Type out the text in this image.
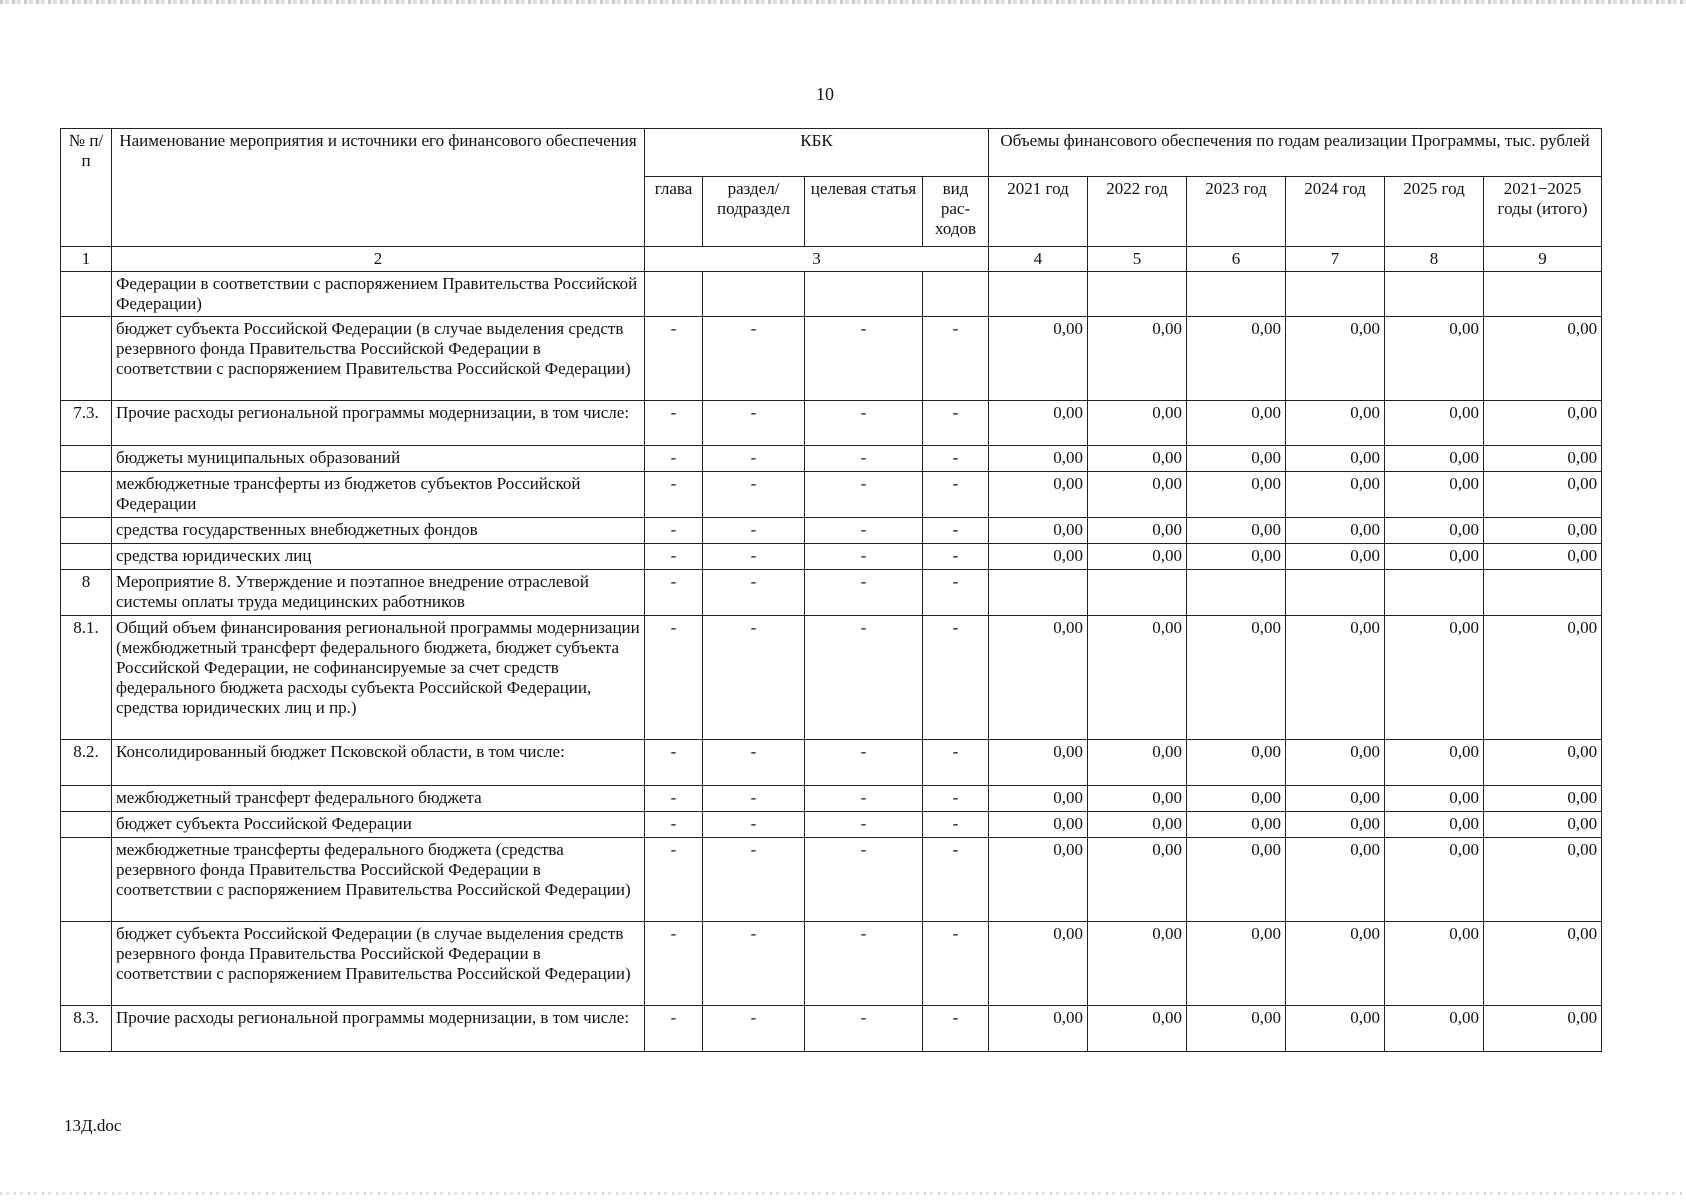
10
№ п/п	Наименование мероприятия и источники его финансового обеспечения	КБК				Объемы финансового обеспечения по годам реализации Программы, тыс. рублей					
		глава	раздел/ подраздел	целевая статья	вид рас- ходов	2021 год	2022 год	2023 год	2024 год	2025 год	2021−2025 годы (итого)
1	2	3				4	5	6	7	8	9
	Федерации в соответствии с распоряжением Правительства Российской Федерации)										
	бюджет субъекта Российской Федерации (в случае выделения средств резервного фонда Правительства Российской Федерации в соответствии с распоряжением Правительства Российской Федерации)	-	-	-	-	0,00	0,00	0,00	0,00	0,00	0,00
7.3.	Прочие расходы региональной программы модернизации, в том числе:	-	-	-	-	0,00	0,00	0,00	0,00	0,00	0,00
	бюджеты муниципальных образований	-	-	-	-	0,00	0,00	0,00	0,00	0,00	0,00
	межбюджетные трансферты из бюджетов субъектов Российской Федерации	-	-	-	-	0,00	0,00	0,00	0,00	0,00	0,00
	средства государственных внебюджетных фондов	-	-	-	-	0,00	0,00	0,00	0,00	0,00	0,00
	средства юридических лиц	-	-	-	-	0,00	0,00	0,00	0,00	0,00	0,00
8	Мероприятие 8. Утверждение и поэтапное внедрение отраслевой системы оплаты труда медицинских работников	-	-	-	-						
8.1.	Общий объем финансирования региональной программы модернизации (межбюджетный трансферт федерального бюджета, бюджет субъекта Российской Федерации, не софинансируемые за счет средств федерального бюджета расходы субъекта Российской Федерации, средства юридических лиц и пр.)	-	-	-	-	0,00	0,00	0,00	0,00	0,00	0,00
8.2.	Консолидированный бюджет Псковской области, в том числе:	-	-	-	-	0,00	0,00	0,00	0,00	0,00	0,00
	межбюджетный трансферт федерального бюджета	-	-	-	-	0,00	0,00	0,00	0,00	0,00	0,00
	бюджет субъекта Российской Федерации	-	-	-	-	0,00	0,00	0,00	0,00	0,00	0,00
	межбюджетные трансферты федерального бюджета (средства резервного фонда Правительства Российской Федерации в соответствии с распоряжением Правительства Российской Федерации)	-	-	-	-	0,00	0,00	0,00	0,00	0,00	0,00
	бюджет субъекта Российской Федерации (в случае выделения средств резервного фонда Правительства Российской Федерации в соответствии с распоряжением Правительства Российской Федерации)	-	-	-	-	0,00	0,00	0,00	0,00	0,00	0,00
8.3.	Прочие расходы региональной программы модернизации, в том числе:	-	-	-	-	0,00	0,00	0,00	0,00	0,00	0,00
13Д.doc
